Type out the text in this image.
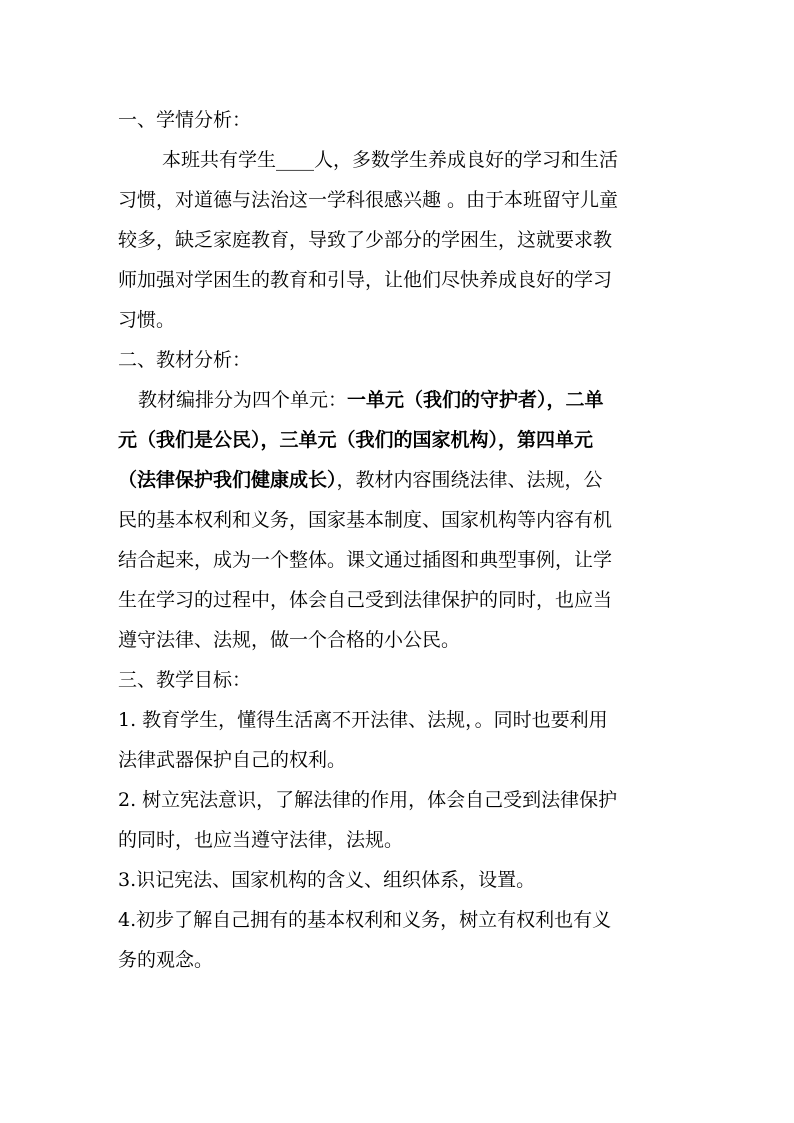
一、学情分析：
本班共有学生____人，多数学生养成良好的学习和生活
习惯，对道德与法治这一学科很感兴趣 。由于本班留守儿童
较多，缺乏家庭教育，导致了少部分的学困生，这就要求教
师加强对学困生的教育和引导，让他们尽快养成良好的学习
习惯。
二、教材分析：
教材编排分为四个单元：一单元（我们的守护者），二单
元（我们是公民），三单元（我们的国家机构），第四单元
（法律保护我们健康成长），教材内容围绕法律、法规，公
民的基本权利和义务，国家基本制度、国家机构等内容有机
结合起来，成为一个整体。课文通过插图和典型事例，让学
生在学习的过程中，体会自己受到法律保护的同时，也应当
遵守法律、法规，做一个合格的小公民。
三、教学目标：
1. 教育学生，懂得生活离不开法律、法规，。同时也要利用
法律武器保护自己的权利。
2. 树立宪法意识，了解法律的作用，体会自己受到法律保护
的同时，也应当遵守法律，法规。
3.识记宪法、国家机构的含义、组织体系，设置。
4.初步了解自己拥有的基本权利和义务，树立有权利也有义
务的观念。
